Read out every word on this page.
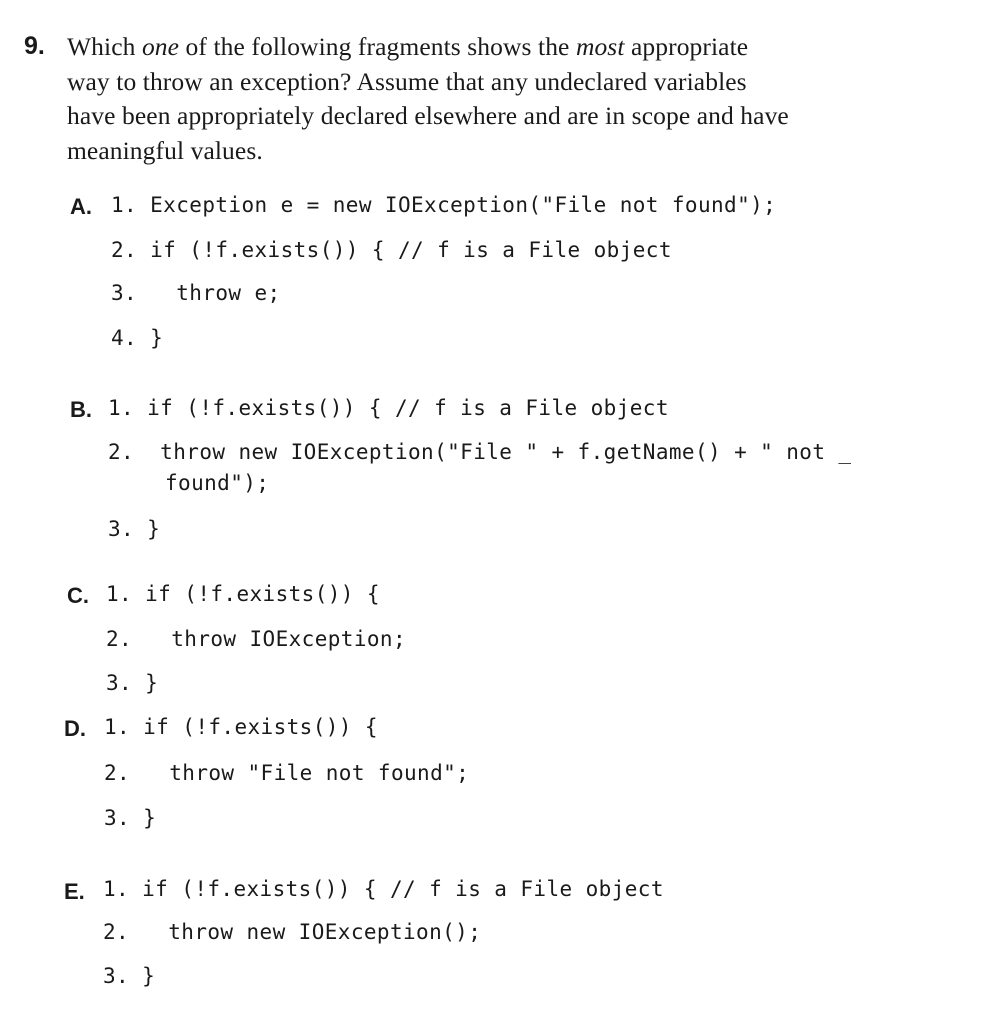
9. Which one of the following fragments shows the most appropriate
way to throw an exception? Assume that any undeclared variables
have been appropriately declared elsewhere and are in scope and have
meaningful values.
A. 1. Exception e = new IOException("File not found");
2. if (!f.exists()) { // f is a File object
3.   throw e;
4. }
B. 1. if (!f.exists()) { // f is a File object
2.  throw new IOException("File " + f.getName() + " not _
found");
3. }
C. 1. if (!f.exists()) {
2.   throw IOException;
3. }
D. 1. if (!f.exists()) {
2.   throw "File not found";
3. }
E. 1. if (!f.exists()) { // f is a File object
2.   throw new IOException();
3. }
